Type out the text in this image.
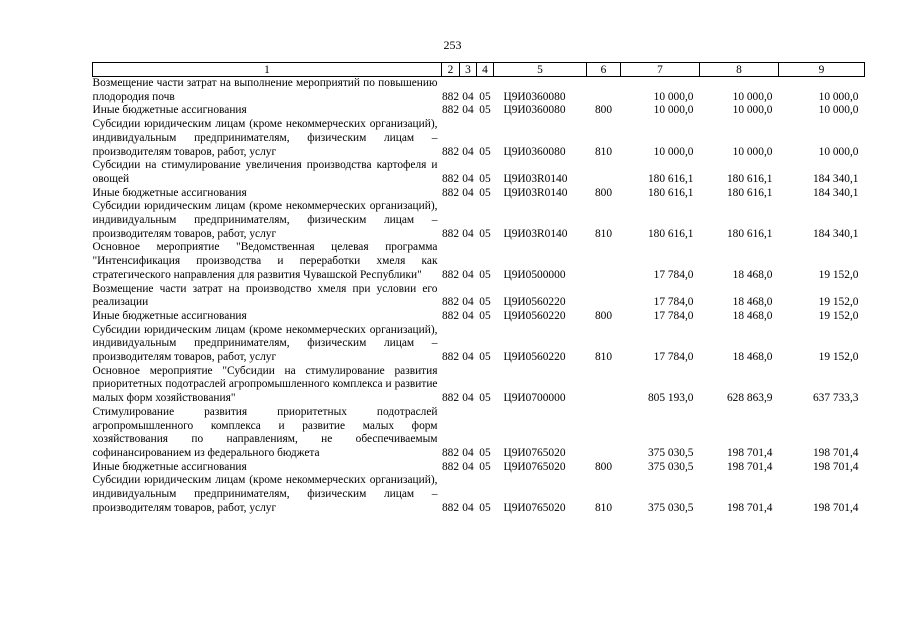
253
1	2	3	4	5	6	7	8	9
Возмещение части затрат на выполнение мероприятий по повышению плодородия почв	882	04	05	Ц9И0360080		10 000,0	10 000,0	10 000,0
Иные бюджетные ассигнования	882	04	05	Ц9И0360080	800	10 000,0	10 000,0	10 000,0
Субсидии юридическим лицам (кроме некоммерческих организаций), индивидуальным предпринимателям, физическим лицам – производителям товаров, работ, услуг	882	04	05	Ц9И0360080	810	10 000,0	10 000,0	10 000,0
Субсидии на стимулирование увеличения производства картофеля и овощей	882	04	05	Ц9И03R0140		180 616,1	180 616,1	184 340,1
Иные бюджетные ассигнования	882	04	05	Ц9И03R0140	800	180 616,1	180 616,1	184 340,1
Субсидии юридическим лицам (кроме некоммерческих организаций), индивидуальным предпринимателям, физическим лицам – производителям товаров, работ, услуг	882	04	05	Ц9И03R0140	810	180 616,1	180 616,1	184 340,1
Основное мероприятие "Ведомственная целевая программа "Интенсификация производства и переработки хмеля как стратегического направления для развития Чувашской Республики"	882	04	05	Ц9И0500000		17 784,0	18 468,0	19 152,0
Возмещение части затрат на производство хмеля при условии его реализации	882	04	05	Ц9И0560220		17 784,0	18 468,0	19 152,0
Иные бюджетные ассигнования	882	04	05	Ц9И0560220	800	17 784,0	18 468,0	19 152,0
Субсидии юридическим лицам (кроме некоммерческих организаций), индивидуальным предпринимателям, физическим лицам – производителям товаров, работ, услуг	882	04	05	Ц9И0560220	810	17 784,0	18 468,0	19 152,0
Основное мероприятие "Субсидии на стимулирование развития приоритетных подотраслей агропромышленного комплекса и развитие малых форм хозяйствования"	882	04	05	Ц9И0700000		805 193,0	628 863,9	637 733,3
Стимулирование развития приоритетных подотраслей агропромышленного комплекса и развитие малых форм хозяйствования по направлениям, не обеспечиваемым софинансированием из федерального бюджета	882	04	05	Ц9И0765020		375 030,5	198 701,4	198 701,4
Иные бюджетные ассигнования	882	04	05	Ц9И0765020	800	375 030,5	198 701,4	198 701,4
Субсидии юридическим лицам (кроме некоммерческих организаций), индивидуальным предпринимателям, физическим лицам – производителям товаров, работ, услуг	882	04	05	Ц9И0765020	810	375 030,5	198 701,4	198 701,4
